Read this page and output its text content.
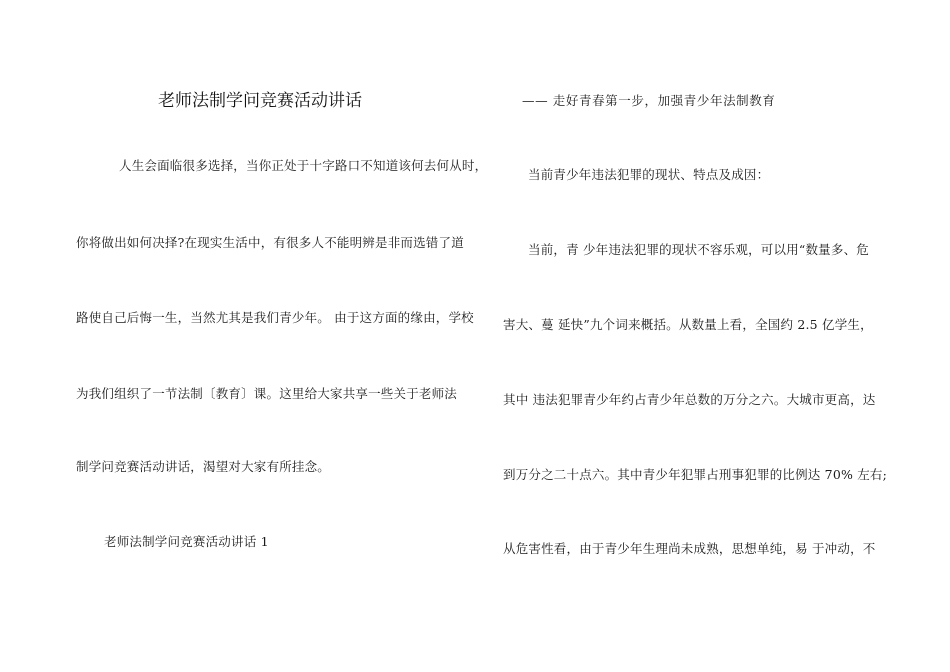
老师法制学问竞赛活动讲话	—— 走好青春第一步，加强青少年法制教育
人生会面临很多选择，当你正处于十字路口不知道该何去何从时，
你将做出如何决择?在现实生活中，有很多人不能明辨是非而选错了道
路使自己后悔一生，当然尤其是我们青少年。 由于这方面的缘由，学校
为我们组织了一节法制〔教育〕课。这里给大家共享一些关于老师法
制学问竞赛活动讲话，渴望对大家有所挂念。
老师法制学问竞赛活动讲话 1
当前青少年违法犯罪的现状、特点及成因：
当前，青 少年违法犯罪的现状不容乐观，可以用“数量多、危
害大、蔓 延快”九个词来概括。从数量上看，全国约 2.5 亿学生，
其中 违法犯罪青少年约占青少年总数的万分之六。大城市更高，达
到万分之二十点六。其中青少年犯罪占刑事犯罪的比例达 70% 左右;
从危害性看，由于青少年生理尚未成熟，思想单纯，易 于冲动，不
